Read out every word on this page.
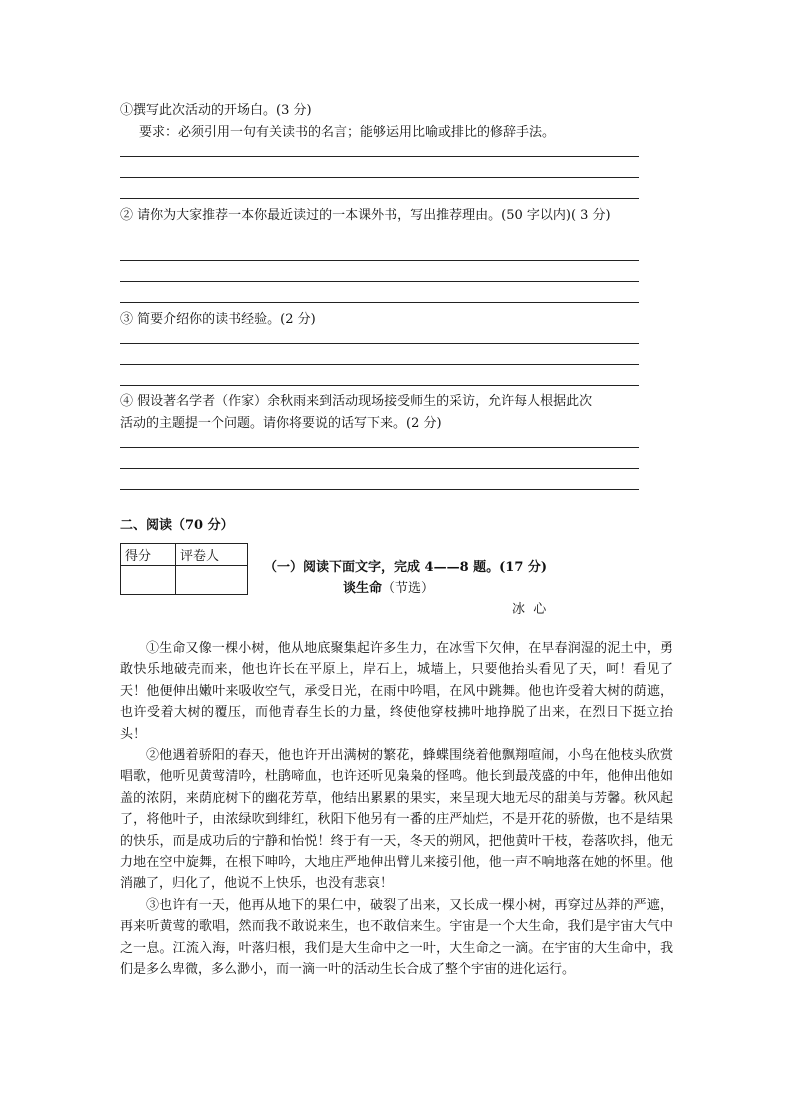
①撰写此次活动的开场白。(3 分)
要求：必须引用一句有关读书的名言；能够运用比喻或排比的修辞手法。
② 请你为大家推荐一本你最近读过的一本课外书，写出推荐理由。(50 字以内)( 3 分)
③ 简要介绍你的读书经验。(2 分)
④ 假设著名学者（作家）余秋雨来到活动现场接受师生的采访，允许每人根据此次
活动的主题提一个问题。请你将要说的话写下来。(2 分)
二、阅读（70 分）
得分	评卷人

（一）阅读下面文字，完成 4——8 题。(17 分)
谈生命（节选）
冰  心

①生命又像一棵小树，他从地底聚集起许多生力，在冰雪下欠伸，在早春润湿的泥土中，勇敢快乐地破壳而来，他也许长在平原上，岸石上，城墙上，只要他抬头看见了天，呵！看见了天！他便伸出嫩叶来吸收空气，承受日光，在雨中吟唱，在风中跳舞。他也许受着大树的荫遮，也许受着大树的覆压，而他青春生长的力量，终使他穿枝拂叶地挣脱了出来，在烈日下挺立抬头！

②他遇着骄阳的春天，他也许开出满树的繁花，蜂蝶围绕着他飘翔喧闹，小鸟在他枝头欣赏唱歌，他听见黄莺清吟，杜鹃啼血，也许还听见枭枭的怪鸣。他长到最茂盛的中年，他伸出他如盖的浓阴，来荫庇树下的幽花芳草，他结出累累的果实，来呈现大地无尽的甜美与芳馨。秋风起了，将他叶子，由浓绿吹到绯红，秋阳下他另有一番的庄严灿烂，不是开花的骄傲，也不是结果的快乐，而是成功后的宁静和怡悦！终于有一天，冬天的朔风，把他黄叶干枝，卷落吹抖，他无力地在空中旋舞，在根下呻吟，大地庄严地伸出臂儿来接引他，他一声不响地落在她的怀里。他消融了，归化了，他说不上快乐，也没有悲哀！

③也许有一天，他再从地下的果仁中，破裂了出来，又长成一棵小树，再穿过丛莽的严遮，再来听黄莺的歌唱，然而我不敢说来生，也不敢信来生。宇宙是一个大生命，我们是宇宙大气中之一息。江流入海，叶落归根，我们是大生命中之一叶，大生命之一滴。在宇宙的大生命中，我们是多么卑微，多么渺小，而一滴一叶的活动生长合成了整个宇宙的进化运行。
